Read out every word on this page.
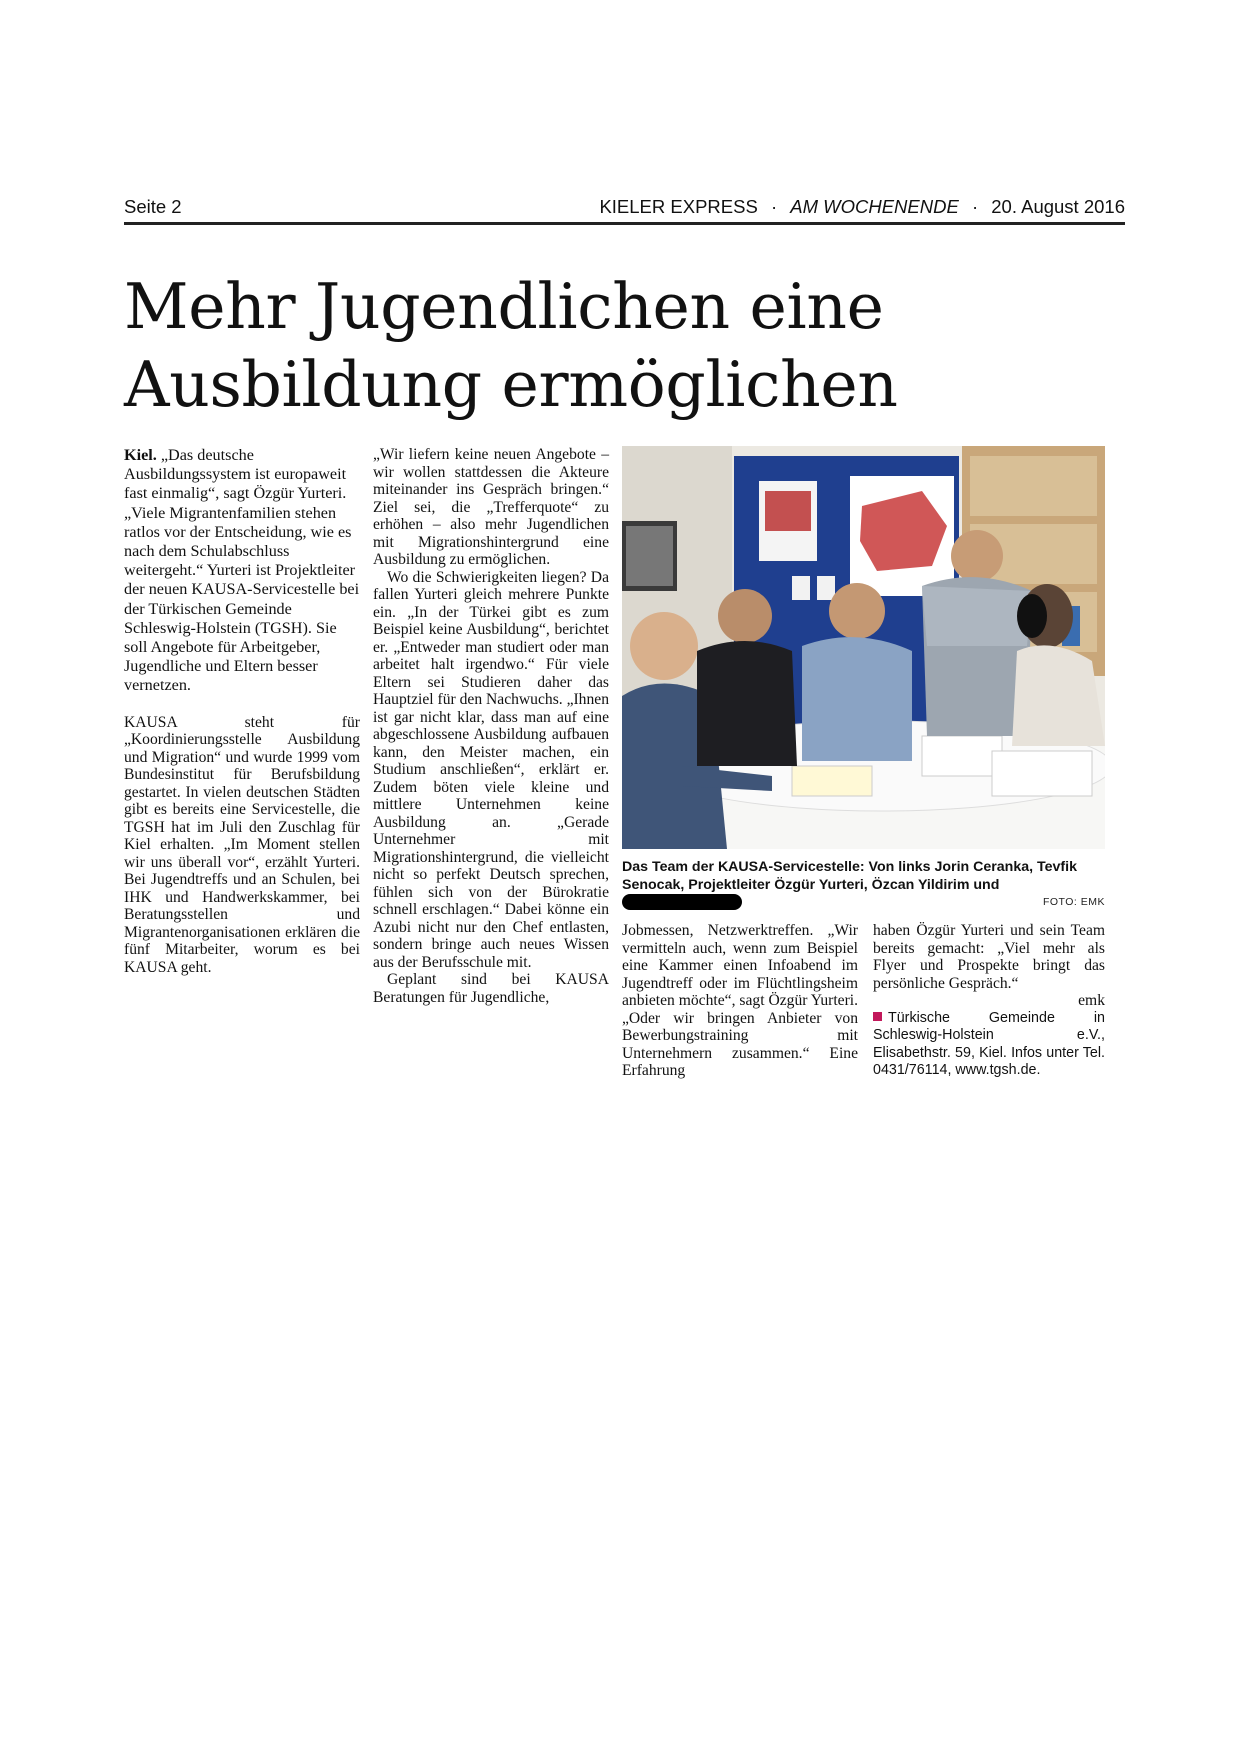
Seite 2	KIELER EXPRESS · AM WOCHENENDE · 20. August 2016
Mehr Jugendlichen eine
Ausbildung ermöglichen

Kiel. „Das deutsche Ausbildungssystem ist europaweit fast einmalig“, sagt Özgür Yurteri. „Viele Migrantenfamilien stehen ratlos vor der Entscheidung, wie es nach dem Schulabschluss weitergeht.“ Yurteri ist Projektleiter der neuen KAUSA-Servicestelle bei der Türkischen Gemeinde Schleswig-Holstein (TGSH). Sie soll Angebote für Arbeitgeber, Jugendliche und Eltern besser vernetzen.

KAUSA steht für „Koordinierungsstelle Ausbildung und Migration“ und wurde 1999 vom Bundesinstitut für Berufsbildung gestartet. In vielen deutschen Städten gibt es bereits eine Servicestelle, die TGSH hat im Juli den Zuschlag für Kiel erhalten. „Im Moment stellen wir uns überall vor“, erzählt Yurteri. Bei Jugendtreffs und an Schulen, bei IHK und Handwerkskammer, bei Beratungsstellen und Migrantenorganisationen erklären die fünf Mitarbeiter, worum es bei KAUSA geht.

„Wir liefern keine neuen Angebote – wir wollen stattdessen die Akteure miteinander ins Gespräch bringen.“ Ziel sei, die „Trefferquote“ zu erhöhen – also mehr Jugendlichen mit Migrationshintergrund eine Ausbildung zu ermöglichen.

Wo die Schwierigkeiten liegen? Da fallen Yurteri gleich mehrere Punkte ein. „In der Türkei gibt es zum Beispiel keine Ausbildung“, berichtet er. „Entweder man studiert oder man arbeitet halt irgendwo.“ Für viele Eltern sei Studieren daher das Hauptziel für den Nachwuchs. „Ihnen ist gar nicht klar, dass man auf eine abgeschlossene Ausbildung aufbauen kann, den Meister machen, ein Studium anschließen“, erklärt er. Zudem böten viele kleine und mittlere Unternehmen keine Ausbildung an. „Gerade Unternehmer mit Migrationshintergrund, die vielleicht nicht so perfekt Deutsch sprechen, fühlen sich von der Bürokratie schnell erschlagen.“ Dabei könne ein Azubi nicht nur den Chef entlasten, sondern bringe auch neues Wissen aus der Berufsschule mit.

Geplant sind bei KAUSA Beratungen für Jugendliche,

Das Team der KAUSA-Servicestelle: Von links Jorin Ceranka, Tevfik Senocak, Projektleiter Özgür Yurteri, Özcan Yildirim und
FOTO: EMK

Jobmessen, Netzwerktreffen. „Wir vermitteln auch, wenn zum Beispiel eine Kammer einen Infoabend im Jugendtreff oder im Flüchtlingsheim anbieten möchte“, sagt Özgür Yurteri. „Oder wir bringen Anbieter von Bewerbungstraining mit Unternehmern zusammen.“ Eine Erfahrung

haben Özgür Yurteri und sein Team bereits gemacht: „Viel mehr als Flyer und Prospekte bringt das persönliche Gespräch.“

emk

Türkische Gemeinde in Schleswig-Holstein e.V., Elisabethstr. 59, Kiel. Infos unter Tel. 0431/76114, www.tgsh.de.
